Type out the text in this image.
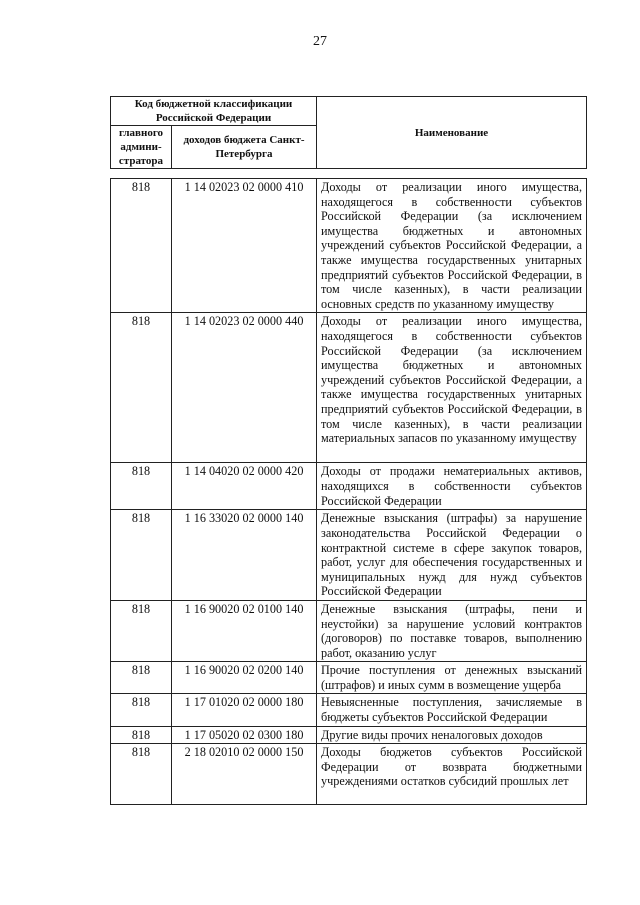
27
Код бюджетной классификации Российской Федерации		Наименование
главного админи-стратора	доходов бюджета Санкт-Петербурга	
818	1 14 02023 02 0000 410	Доходы от реализации иного имущества, находящегося в собственности субъектов Российской Федерации (за исключением имущества бюджетных и автономных учреждений субъектов Российской Федерации, а также имущества государственных унитарных предприятий субъектов Российской Федерации, в том числе казенных), в части реализации основных средств по указанному имуществу
818	1 14 02023 02 0000 440	Доходы от реализации иного имущества, находящегося в собственности субъектов Российской Федерации (за исключением имущества бюджетных и автономных учреждений субъектов Российской Федерации, а также имущества государственных унитарных предприятий субъектов Российской Федерации, в том числе казенных), в части реализации материальных запасов по указанному имуществу
818	1 14 04020 02 0000 420	Доходы от продажи нематериальных активов, находящихся в собственности субъектов Российской Федерации
818	1 16 33020 02 0000 140	Денежные взыскания (штрафы) за нарушение законодательства Российской Федерации о контрактной системе в сфере закупок товаров, работ, услуг для обеспечения государственных и муниципальных нужд для нужд субъектов Российской Федерации
818	1 16 90020 02 0100 140	Денежные взыскания (штрафы, пени и неустойки) за нарушение условий контрактов (договоров) по поставке товаров, выполнению работ, оказанию услуг
818	1 16 90020 02 0200 140	Прочие поступления от денежных взысканий (штрафов) и иных сумм в возмещение ущерба
818	1 17 01020 02 0000 180	Невыясненные поступления, зачисляемые в бюджеты субъектов Российской Федерации
818	1 17 05020 02 0300 180	Другие виды прочих неналоговых доходов
818	2 18 02010 02 0000 150	Доходы бюджетов субъектов Российской Федерации от возврата бюджетными учреждениями остатков субсидий прошлых лет
